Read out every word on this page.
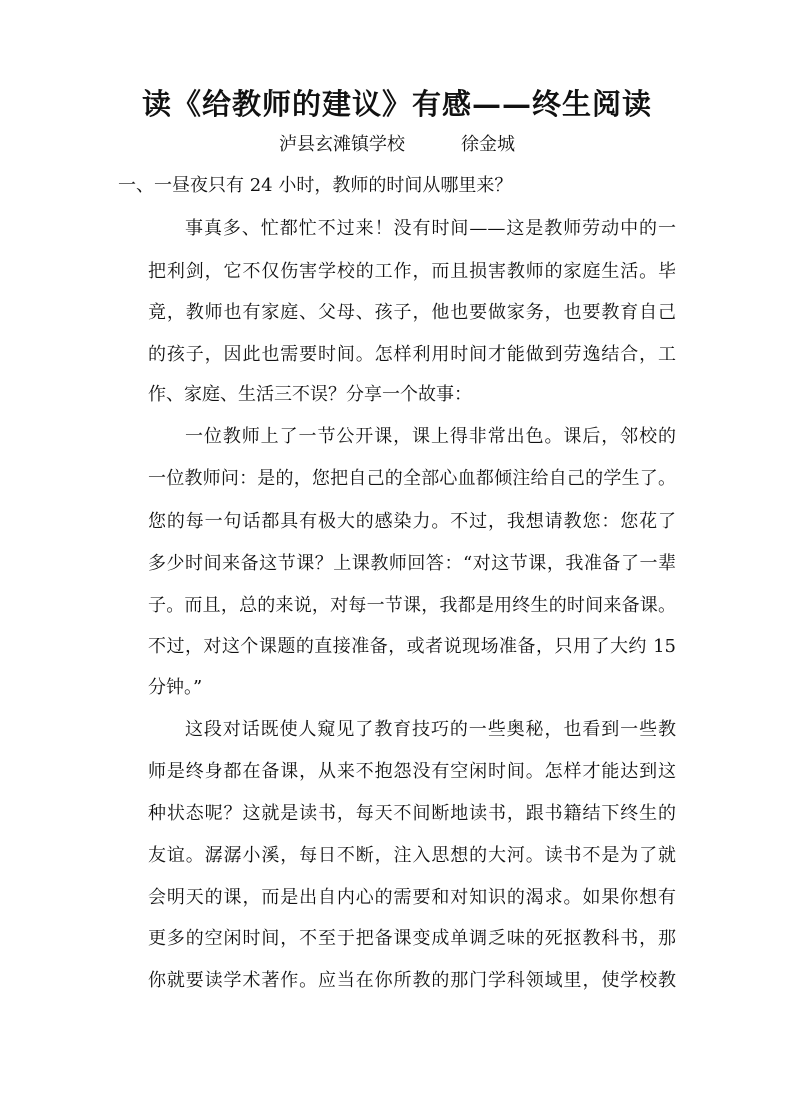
读《给教师的建议》有感——终生阅读
泸县玄滩镇学校	徐金城
一、一昼夜只有 24 小时，教师的时间从哪里来？
事真多、忙都忙不过来！没有时间——这是教师劳动中的一
把利剑，它不仅伤害学校的工作，而且损害教师的家庭生活。毕
竟，教师也有家庭、父母、孩子，他也要做家务，也要教育自己
的孩子，因此也需要时间。怎样利用时间才能做到劳逸结合，工
作、家庭、生活三不误？分享一个故事：
一位教师上了一节公开课，课上得非常出色。课后，邻校的
一位教师问：是的，您把自己的全部心血都倾注给自己的学生了。
您的每一句话都具有极大的感染力。不过，我想请教您：您花了
多少时间来备这节课？上课教师回答：“对这节课，我准备了一辈
子。而且，总的来说，对每一节课，我都是用终生的时间来备课。
不过，对这个课题的直接准备，或者说现场准备，只用了大约 15
分钟。”
这段对话既使人窥见了教育技巧的一些奥秘，也看到一些教
师是终身都在备课，从来不抱怨没有空闲时间。怎样才能达到这
种状态呢？这就是读书，每天不间断地读书，跟书籍结下终生的
友谊。潺潺小溪，每日不断，注入思想的大河。读书不是为了就
会明天的课，而是出自内心的需要和对知识的渴求。如果你想有
更多的空闲时间，不至于把备课变成单调乏味的死抠教科书，那
你就要读学术著作。应当在你所教的那门学科领域里，使学校教
